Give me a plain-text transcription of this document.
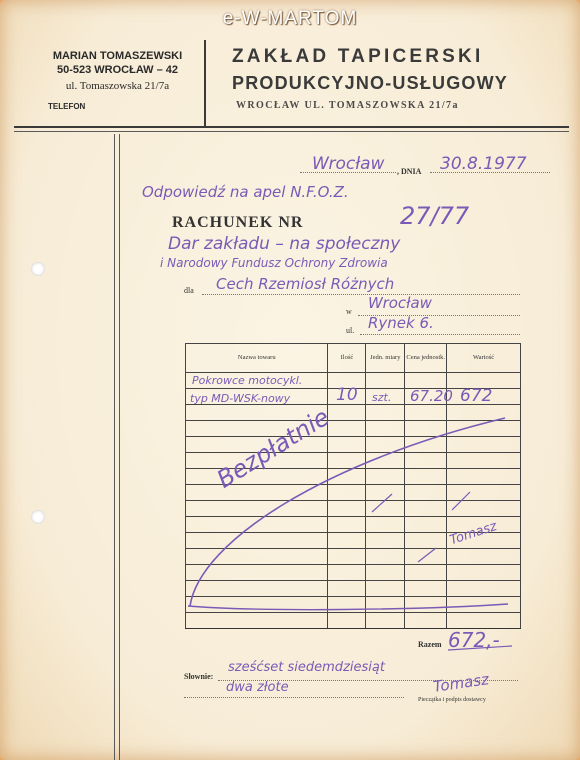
e-W-MARTOM
MARIAN TOMASZEWSKI
50-523 WROCŁAW – 42
ul. Tomaszowska 21/7a
TELEFON
ZAKŁAD TAPICERSKI
PRODUKCYJNO-USŁUGOWY
WROCŁAW UL. TOMASZOWSKA 21/7a
Wrocław , DNIA 30.8.1977
Odpowiedź na apel N.F.O.Z.
RACHUNEK NR	27/77
Dar zakładu – na społeczny
i Narodowy Fundusz Ochrony Zdrowia
dla Cech Rzemiosł Różnych
w Wrocław
ul. Rynek 6.
Nazwa towaru	Ilość	Jedn. miary	Cena jednostk.	Wartość

Pokrowce motocykl.
typ MD-WSK-nowy	10 szt. 67.20 672
Bezpłatnie
Tomasz
Razem 672,-
Słownie:
sześćset siedemdziesiąt
dwa złote	Tomasz
Pieczątka i podpis dostawcy
